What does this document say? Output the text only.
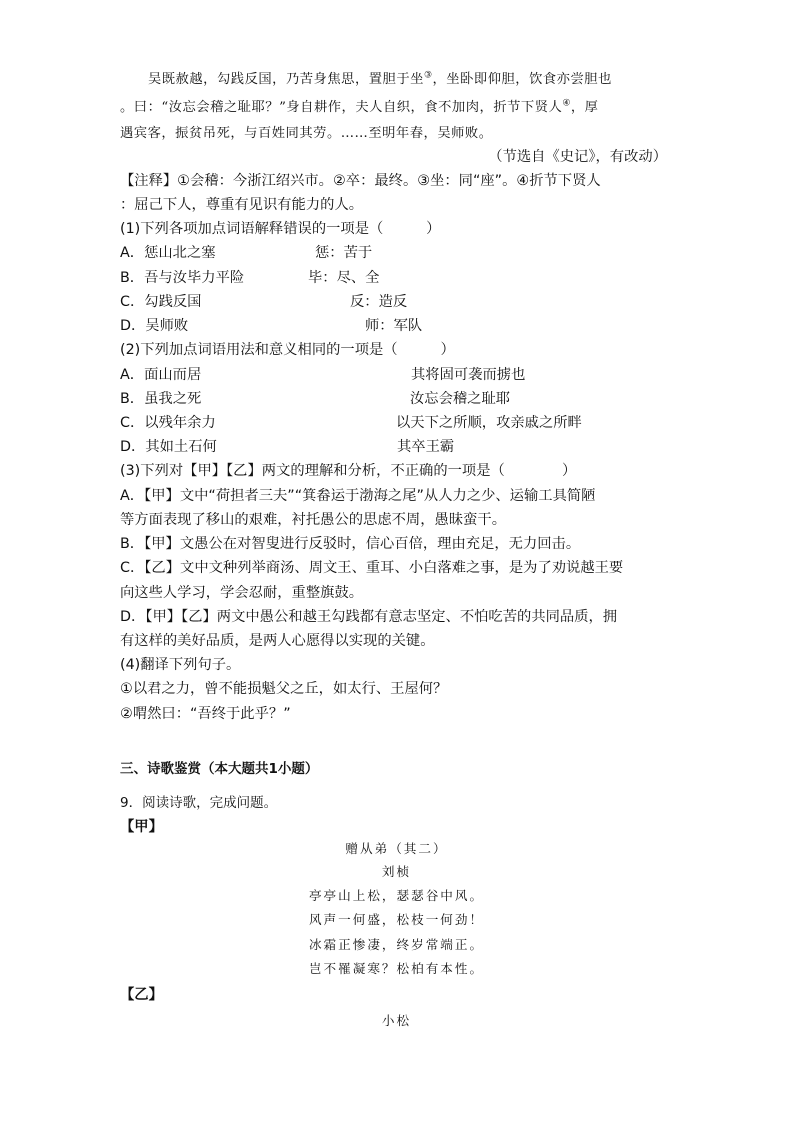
吴既赦越，勾践反国，乃苦身焦思，置胆于坐③，坐卧即仰胆，饮食亦尝胆也
。曰：“汝忘会稽之耻耶？”身自耕作，夫人自织，食不加肉，折节下贤人④，厚
遇宾客，振贫吊死，与百姓同其劳。……至明年春，吴师败。
（节选自《史记》，有改动）
【注释】①会稽：今浙江绍兴市。②卒：最终。③坐：同“座”。④折节下贤人
：屈己下人，尊重有见识有能力的人。
(1)下列各项加点词语解释错误的一项是（　　　）
A．惩山北之塞	惩：苦于
B．吾与汝毕力平险	毕：尽、全
C．勾践反国	反：造反
D．吴师败	师：军队
(2)下列加点词语用法和意义相同的一项是（　　　）
A．面山而居	其将固可袭而掳也
B．虽我之死	汝忘会稽之耻耶
C．以残年余力	以天下之所顺，攻亲戚之所畔
D．其如土石何	其卒王霸
(3)下列对【甲】【乙】两文的理解和分析，不正确的一项是（　　　　）
A．【甲】文中“荷担者三夫”“箕畚运于渤海之尾”从人力之少、运输工具简陋
等方面表现了移山的艰难，衬托愚公的思虑不周，愚昧蛮干。
B．【甲】文愚公在对智叟进行反驳时，信心百倍，理由充足，无力回击。
C．【乙】文中文种列举商汤、周文王、重耳、小白落难之事，是为了劝说越王要
向这些人学习，学会忍耐，重整旗鼓。
D．【甲】【乙】两文中愚公和越王勾践都有意志坚定、不怕吃苦的共同品质，拥
有这样的美好品质，是两人心愿得以实现的关键。
(4)翻译下列句子。
①以君之力，曾不能损魁父之丘，如太行、王屋何？
②喟然曰：“吾终于此乎？”
三、诗歌鉴赏（本大题共1小题）
9．阅读诗歌，完成问题。
【甲】
赠从弟（其二）
刘桢
亭亭山上松，瑟瑟谷中风。
风声一何盛，松枝一何劲！
冰霜正惨凄，终岁常端正。
岂不罹凝寒？松柏有本性。
【乙】
小松
